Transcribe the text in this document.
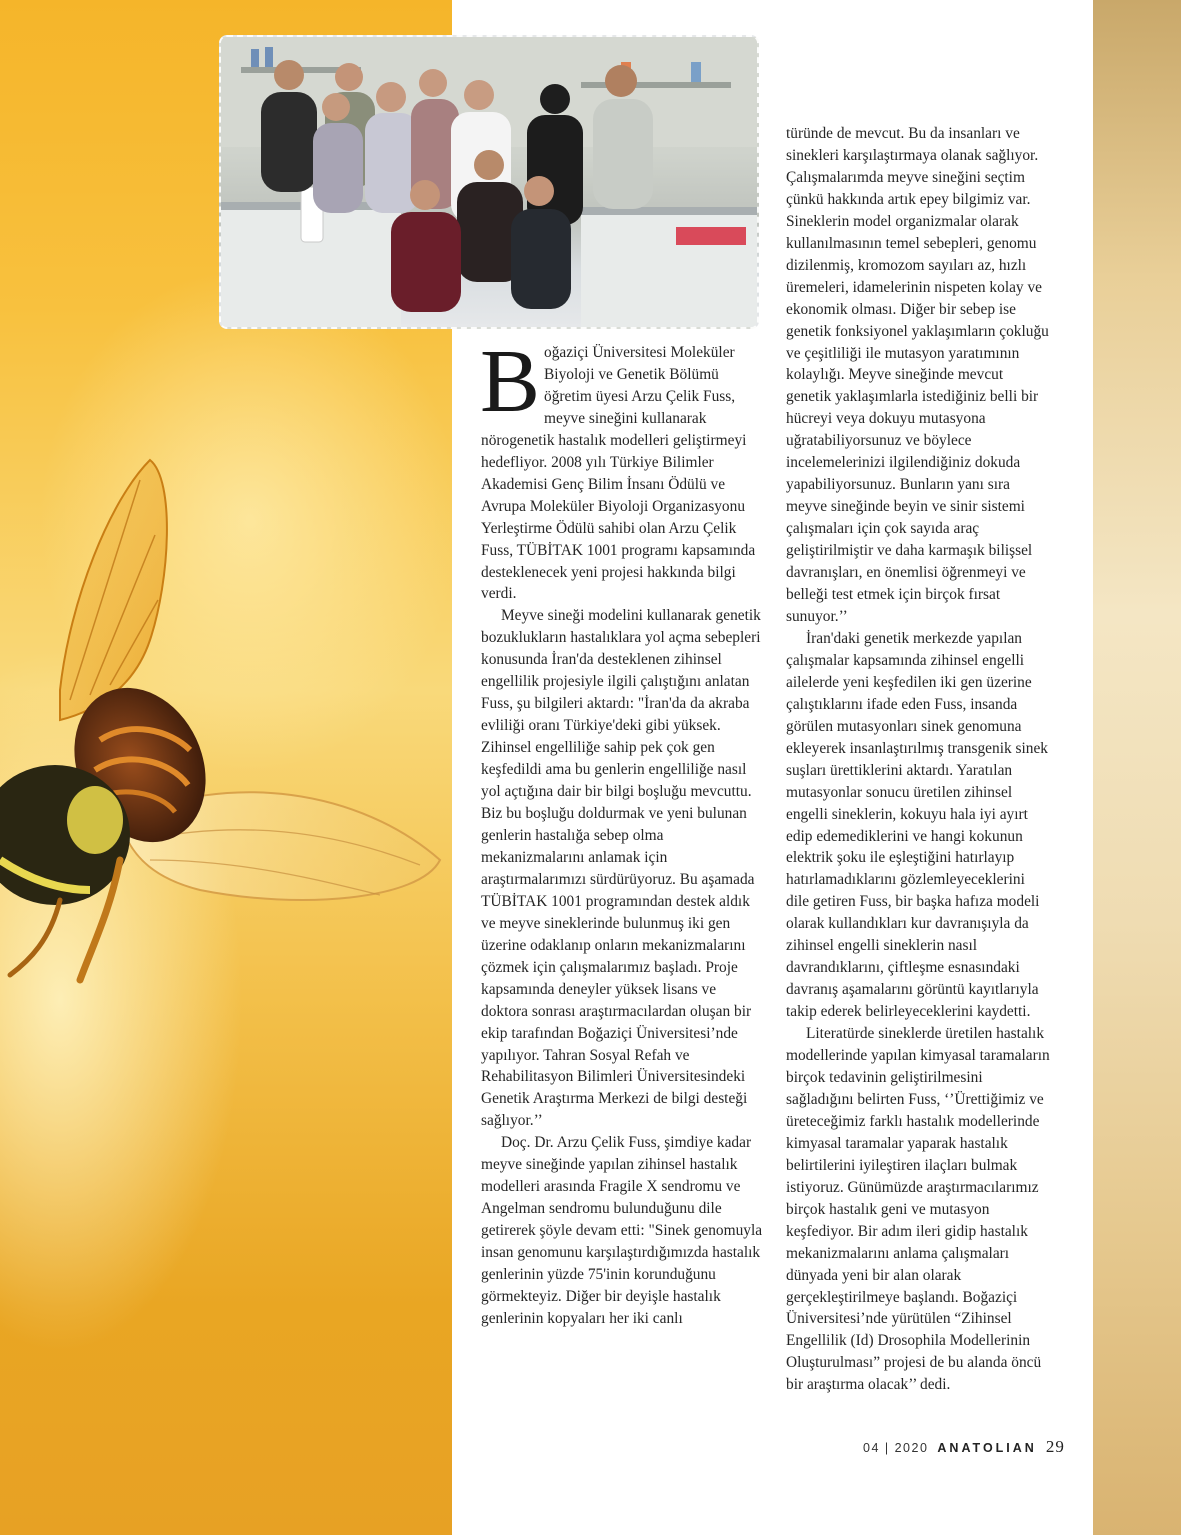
Boğaziçi Üniversitesi Moleküler Biyoloji ve Genetik Bölümü öğretim üyesi Arzu Çelik Fuss, meyve sineğini kullanarak nörogenetik hastalık modelleri geliştirmeyi hedefliyor. 2008 yılı Türkiye Bilimler Akademisi Genç Bilim İnsanı Ödülü ve Avrupa Moleküler Biyoloji Organizasyonu Yerleştirme Ödülü sahibi olan Arzu Çelik Fuss, TÜBİTAK 1001 programı kapsamında desteklenecek yeni projesi hakkında bilgi verdi.

Meyve sineği modelini kullanarak genetik bozuklukların hastalıklara yol açma sebepleri konusunda İran'da desteklenen zihinsel engellilik projesiyle ilgili çalıştığını anlatan Fuss, şu bilgileri aktardı: "İran'da da akraba evliliği oranı Türkiye'deki gibi yüksek. Zihinsel engelliliğe sahip pek çok gen keşfedildi ama bu genlerin engelliliğe nasıl yol açtığına dair bir bilgi boşluğu mevcuttu. Biz bu boşluğu doldurmak ve yeni bulunan genlerin hastalığa sebep olma mekanizmalarını anlamak için araştırmalarımızı sürdürüyoruz. Bu aşamada TÜBİTAK 1001 programından destek aldık ve meyve sineklerinde bulunmuş iki gen üzerine odaklanıp onların mekanizmalarını çözmek için çalışmalarımız başladı. Proje kapsamında deneyler yüksek lisans ve doktora sonrası araştırmacılardan oluşan bir ekip tarafından Boğaziçi Üniversitesi’nde yapılıyor. Tahran Sosyal Refah ve Rehabilitasyon Bilimleri Üniversitesindeki Genetik Araştırma Merkezi de bilgi desteği sağlıyor.’’

Doç. Dr. Arzu Çelik Fuss, şimdiye kadar meyve sineğinde yapılan zihinsel hastalık modelleri arasında Fragile X sendromu ve Angelman sendromu bulunduğunu dile getirerek şöyle devam etti: "Sinek genomuyla insan genomunu karşılaştırdığımızda hastalık genlerinin yüzde 75'inin korunduğunu görmekteyiz. Diğer bir deyişle hastalık genlerinin kopyaları her iki canlı

türünde de mevcut. Bu da insanları ve sinekleri karşılaştırmaya olanak sağlıyor. Çalışmalarımda meyve sineğini seçtim çünkü hakkında artık epey bilgimiz var. Sineklerin model organizmalar olarak kullanılmasının temel sebepleri, genomu dizilenmiş, kromozom sayıları az, hızlı üremeleri, idamelerinin nispeten kolay ve ekonomik olması. Diğer bir sebep ise genetik fonksiyonel yaklaşımların çokluğu ve çeşitliliği ile mutasyon yaratımının kolaylığı. Meyve sineğinde mevcut genetik yaklaşımlarla istediğiniz belli bir hücreyi veya dokuyu mutasyona uğratabiliyorsunuz ve böylece incelemelerinizi ilgilendiğiniz dokuda yapabiliyorsunuz. Bunların yanı sıra meyve sineğinde beyin ve sinir sistemi çalışmaları için çok sayıda araç geliştirilmiştir ve daha karmaşık bilişsel davranışları, en önemlisi öğrenmeyi ve belleği test etmek için birçok fırsat sunuyor.’’

İran'daki genetik merkezde yapılan çalışmalar kapsamında zihinsel engelli ailelerde yeni keşfedilen iki gen üzerine çalıştıklarını ifade eden Fuss, insanda görülen mutasyonları sinek genomuna ekleyerek insanlaştırılmış transgenik sinek suşları ürettiklerini aktardı. Yaratılan mutasyonlar sonucu üretilen zihinsel engelli sineklerin, kokuyu hala iyi ayırt edip edemediklerini ve hangi kokunun elektrik şoku ile eşleştiğini hatırlayıp hatırlamadıklarını gözlemleyeceklerini dile getiren Fuss, bir başka hafıza modeli olarak kullandıkları kur davranışıyla da zihinsel engelli sineklerin nasıl davrandıklarını, çiftleşme esnasındaki davranış aşamalarını görüntü kayıtlarıyla takip ederek belirleyeceklerini kaydetti.

Literatürde sineklerde üretilen hastalık modellerinde yapılan kimyasal taramaların birçok tedavinin geliştirilmesini sağladığını belirten Fuss, ‘’Ürettiğimiz ve üreteceğimiz farklı hastalık modellerinde kimyasal taramalar yaparak hastalık belirtilerini iyileştiren ilaçları bulmak istiyoruz. Günümüzde araştırmacılarımız birçok hastalık geni ve mutasyon keşfediyor. Bir adım ileri gidip hastalık mekanizmalarını anlama çalışmaları dünyada yeni bir alan olarak gerçekleştirilmeye başlandı. Boğaziçi Üniversitesi’nde yürütülen “Zihinsel Engellilik (Id) Drosophila Modellerinin Oluşturulması” projesi de bu alanda öncü bir araştırma olacak’’ dedi.

04 | 2020 ANATOLIAN 29
